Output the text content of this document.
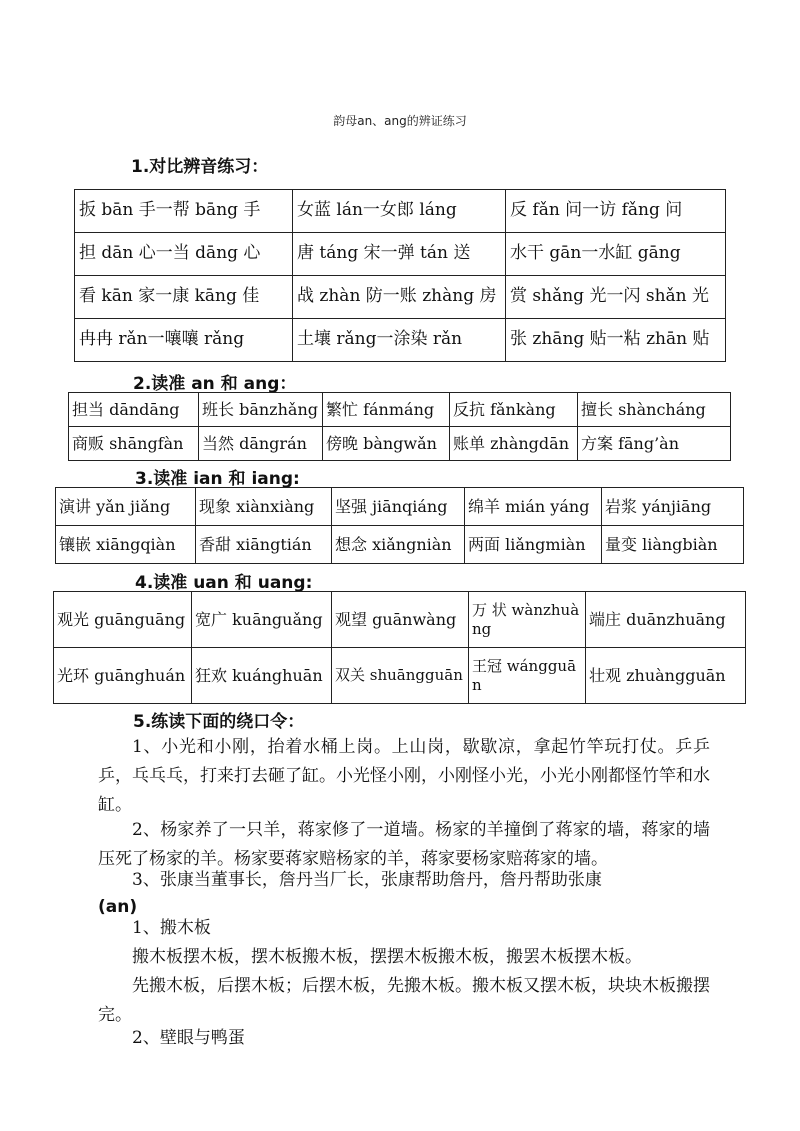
韵母an、ang的辨证练习
1.对比辨音练习：
扳 bān 手一帮 bāng 手	女蓝 lán一女郎 láng	反 fǎn 问一访 fǎng 问
担 dān 心一当 dāng 心	唐 táng 宋一弹 tán 送	水干 gān一水缸 gāng
看 kān 家一康 kāng 佳	战 zhàn 防一账 zhàng 房	赏 shǎng 光一闪 shǎn 光
冉冉 rǎn一嚷嚷 rǎng	土壤 rǎng一涂染 rǎn	张 zhāng 贴一粘 zhān 贴
2.读准 an 和 ang：
担当 dāndāng	班长 bānzhǎng	繁忙 fánmáng	反抗 fǎnkàng	擅长 shàncháng
商贩 shāngfàn	当然 dāngrán	傍晚 bàngwǎn	账单 zhàngdān	方案 fāng’àn
3.读准 ian 和 iang:
演讲 yǎn jiǎng	现象 xiànxiàng	坚强 jiānqiáng	绵羊 mián yáng	岩浆 yánjiāng
镶嵌 xiāngqiàn	香甜 xiāngtián	想念 xiǎngniàn	两面 liǎngmiàn	量变 liàngbiàn
4.读准 uan 和 uang:
观光 guānguāng	宽广 kuānguǎng	观望 guānwàng	万 状 wànzhuàng	端庄 duānzhuāng
光环 guānghuán	狂欢 kuánghuān	双关 shuāngguān	王冠 wángguān	壮观 zhuàngguān
5.练读下面的绕口令：

1、小光和小刚，抬着水桶上岗。上山岗，歇歇凉，拿起竹竿玩打仗。乒乒乒，乓乓乓，打来打去砸了缸。小光怪小刚，小刚怪小光，小光小刚都怪竹竿和水缸。

2、杨家养了一只羊，蒋家修了一道墙。杨家的羊撞倒了蒋家的墙，蒋家的墙压死了杨家的羊。杨家要蒋家赔杨家的羊，蒋家要杨家赔蒋家的墙。

3、张康当董事长，詹丹当厂长，张康帮助詹丹，詹丹帮助张康

(an)

1、搬木板

搬木板摆木板，摆木板搬木板，摆摆木板搬木板，搬罢木板摆木板。

先搬木板，后摆木板；后摆木板，先搬木板。搬木板又摆木板，块块木板搬摆完。

2、壁眼与鸭蛋
